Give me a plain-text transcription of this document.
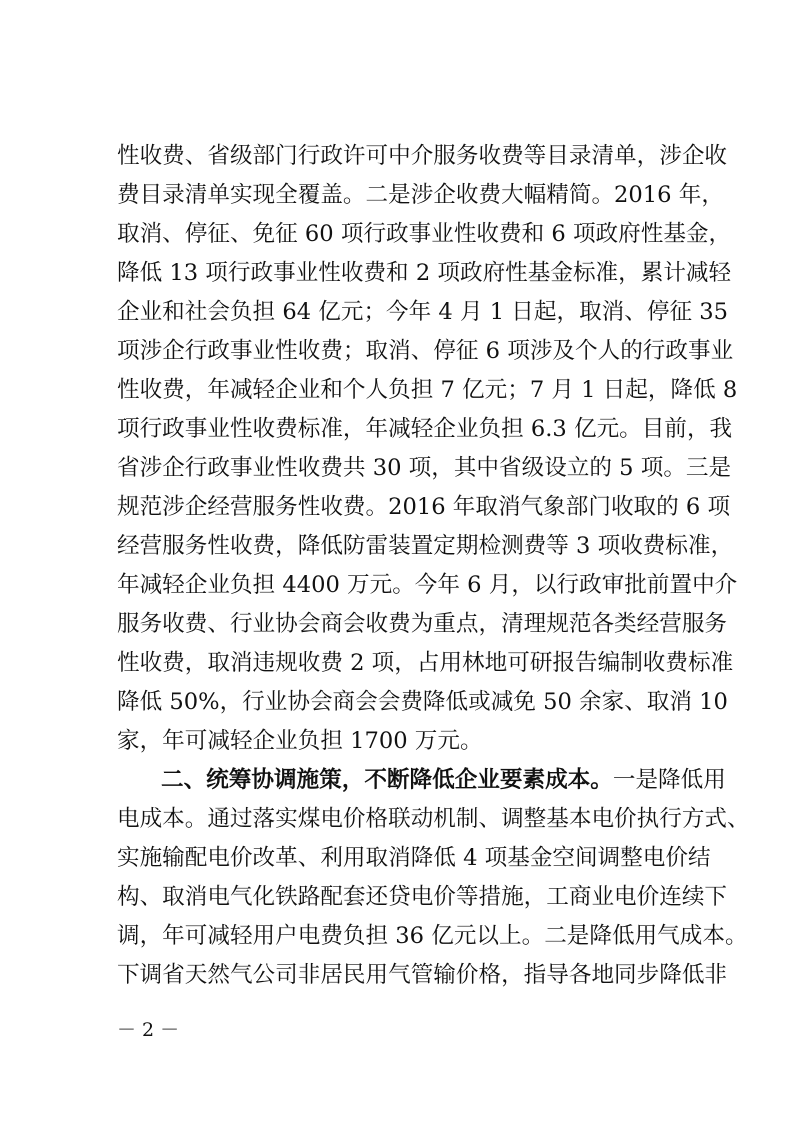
性收费、省级部门行政许可中介服务收费等目录清单，涉企收
费目录清单实现全覆盖。二是涉企收费大幅精简。2016 年，
取消、停征、免征 60 项行政事业性收费和 6 项政府性基金，
降低 13 项行政事业性收费和 2 项政府性基金标准，累计减轻
企业和社会负担 64 亿元；今年 4 月 1 日起，取消、停征 35
项涉企行政事业性收费；取消、停征 6 项涉及个人的行政事业
性收费，年减轻企业和个人负担 7 亿元；7 月 1 日起，降低 8
项行政事业性收费标准，年减轻企业负担 6.3 亿元。目前，我
省涉企行政事业性收费共 30 项，其中省级设立的 5 项。三是
规范涉企经营服务性收费。2016 年取消气象部门收取的 6 项
经营服务性收费，降低防雷装置定期检测费等 3 项收费标准，
年减轻企业负担 4400 万元。今年 6 月，以行政审批前置中介
服务收费、行业协会商会收费为重点，清理规范各类经营服务
性收费，取消违规收费 2 项，占用林地可研报告编制收费标准
降低 50%，行业协会商会会费降低或减免 50 余家、取消 10
家，年可减轻企业负担 1700 万元。
二、统筹协调施策，不断降低企业要素成本。一是降低用
电成本。通过落实煤电价格联动机制、调整基本电价执行方式、
实施输配电价改革、利用取消降低 4 项基金空间调整电价结
构、取消电气化铁路配套还贷电价等措施，工商业电价连续下
调，年可减轻用户电费负担 36 亿元以上。二是降低用气成本。
下调省天然气公司非居民用气管输价格，指导各地同步降低非
－ 2 －
